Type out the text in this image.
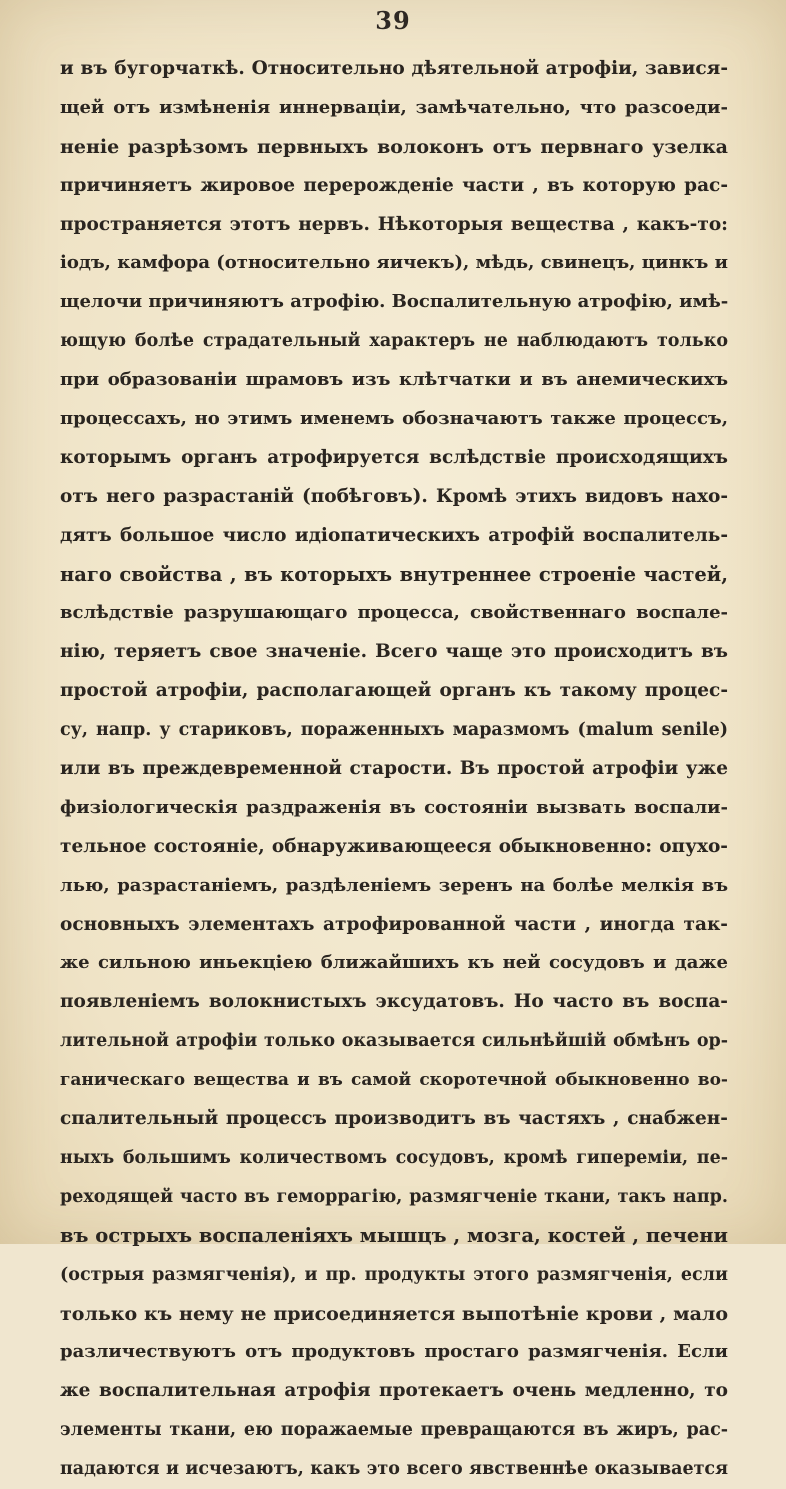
39
и въ бугорчаткѣ. Относительно дѣятельной атрофіи, завися-
щей отъ измѣненія иннерваціи, замѣчательно, что разсоеди-
неніе разрѣзомъ первныхъ волоконъ отъ первнаго узелка
причиняетъ жировое перерожденіе части , въ которую рас-
пространяется этотъ нервъ. Нѣкоторыя вещества , какъ-то:
іодъ, камфора (относительно яичекъ), мѣдь, свинецъ, цинкъ и
щелочи причиняютъ атрофію. Воспалительную атрофію, имѣ-
ющую болѣе страдательный характеръ не наблюдаютъ только
при образованіи шрамовъ изъ клѣтчатки и въ анемическихъ
процессахъ, но этимъ именемъ обозначаютъ также процессъ,
которымъ органъ атрофируется вслѣдствіе происходящихъ
отъ него разрастаній (побѣговъ). Кромѣ этихъ видовъ нахо-
дятъ большое число идіопатическихъ атрофій воспалитель-
наго свойства , въ которыхъ внутреннее строеніе частей,
вслѣдствіе разрушающаго процесса, свойственнаго воспале-
нію, теряетъ свое значеніе. Всего чаще это происходитъ въ
простой атрофіи, располагающей органъ къ такому процес-
су, напр. у стариковъ, пораженныхъ маразмомъ (malum senile)
или въ преждевременной старости. Въ простой атрофіи уже
физіологическія раздраженія въ состояніи вызвать воспали-
тельное состояніе, обнаруживающееся обыкновенно: опухо-
лью, разрастаніемъ, раздѣленіемъ зеренъ на болѣе мелкія въ
основныхъ элементахъ атрофированной части , иногда так-
же сильною иньекціею ближайшихъ къ ней сосудовъ и даже
появленіемъ волокнистыхъ эксудатовъ. Но часто въ воспа-
лительной атрофіи только оказывается сильнѣйшій обмѣнъ ор-
ганическаго вещества и въ самой скоротечной обыкновенно во-
спалительный процессъ производитъ въ частяхъ , снабжен-
ныхъ большимъ количествомъ сосудовъ, кромѣ гипереміи, пе-
реходящей часто въ геморрагію, размягченіе ткани, такъ напр.
въ острыхъ воспаленіяхъ мышцъ , мозга, костей , печени
(острыя размягченія), и пр. продукты этого размягченія, если
только къ нему не присоединяется выпотѣніе крови , мало
различествуютъ отъ продуктовъ простаго размягченія. Если
же воспалительная атрофія протекаетъ очень медленно, то
элементы ткани, ею поражаемые превращаются въ жиръ, рас-
падаются и исчезаютъ, какъ это всего явственнѣе оказывается
